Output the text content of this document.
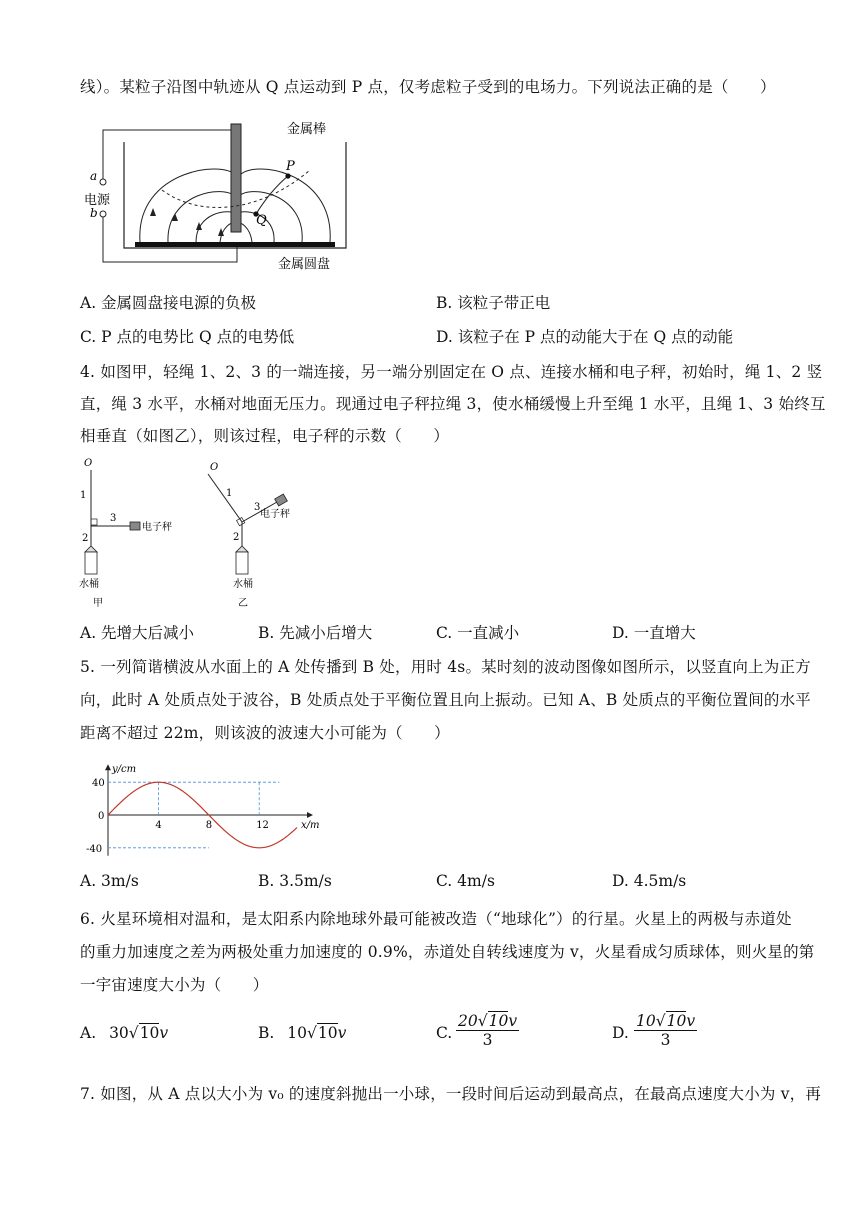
线）。某粒子沿图中轨迹从 Q 点运动到 P 点，仅考虑粒子受到的电场力。下列说法正确的是（　　）
金属棒
电源
a
b
P
Q
金属圆盘
A. 金属圆盘接电源的负极	B. 该粒子带正电
C. P 点的电势比 Q 点的电势低	D. 该粒子在 P 点的动能大于在 Q 点的动能
4. 如图甲，轻绳 1、2、3 的一端连接，另一端分别固定在 O 点、连接水桶和电子秤，初始时，绳 1、2 竖
直，绳 3 水平，水桶对地面无压力。现通过电子秤拉绳 3，使水桶缓慢上升至绳 1 水平，且绳 1、3 始终互
相垂直（如图乙），则该过程，电子秤的示数（　　）
O
1
3
电子秤
2
水桶
甲
O
1
3
电子秤
2
水桶
乙
A. 先增大后减小	B. 先减小后增大	C. 一直减小	D. 一直增大
5. 一列简谐横波从水面上的 A 处传播到 B 处，用时 4s。某时刻的波动图像如图所示，以竖直向上为正方
向，此时 A 处质点处于波谷，B 处质点处于平衡位置且向上振动。已知 A、B 处质点的平衡位置间的水平
距离不超过 22m，则该波的波速大小可能为（　　）
4	8	12
40
0
-40
y/cm
x/m
A. 3m/s	B. 3.5m/s	C. 4m/s	D. 4.5m/s
6. 火星环境相对温和，是太阳系内除地球外最可能被改造（“地球化”）的行星。火星上的两极与赤道处
的重力加速度之差为两极处重力加速度的 0.9%，赤道处自转线速度为 v，火星看成匀质球体，则火星的第
一宇宙速度大小为（　　）
A. 30√10v	B. 10√10v	C. $\frac{20√10v}{3}$	D. $\frac{10√10v}{3}$
7. 如图，从 A 点以大小为 v₀ 的速度斜抛出一小球，一段时间后运动到最高点，在最高点速度大小为 v，再
